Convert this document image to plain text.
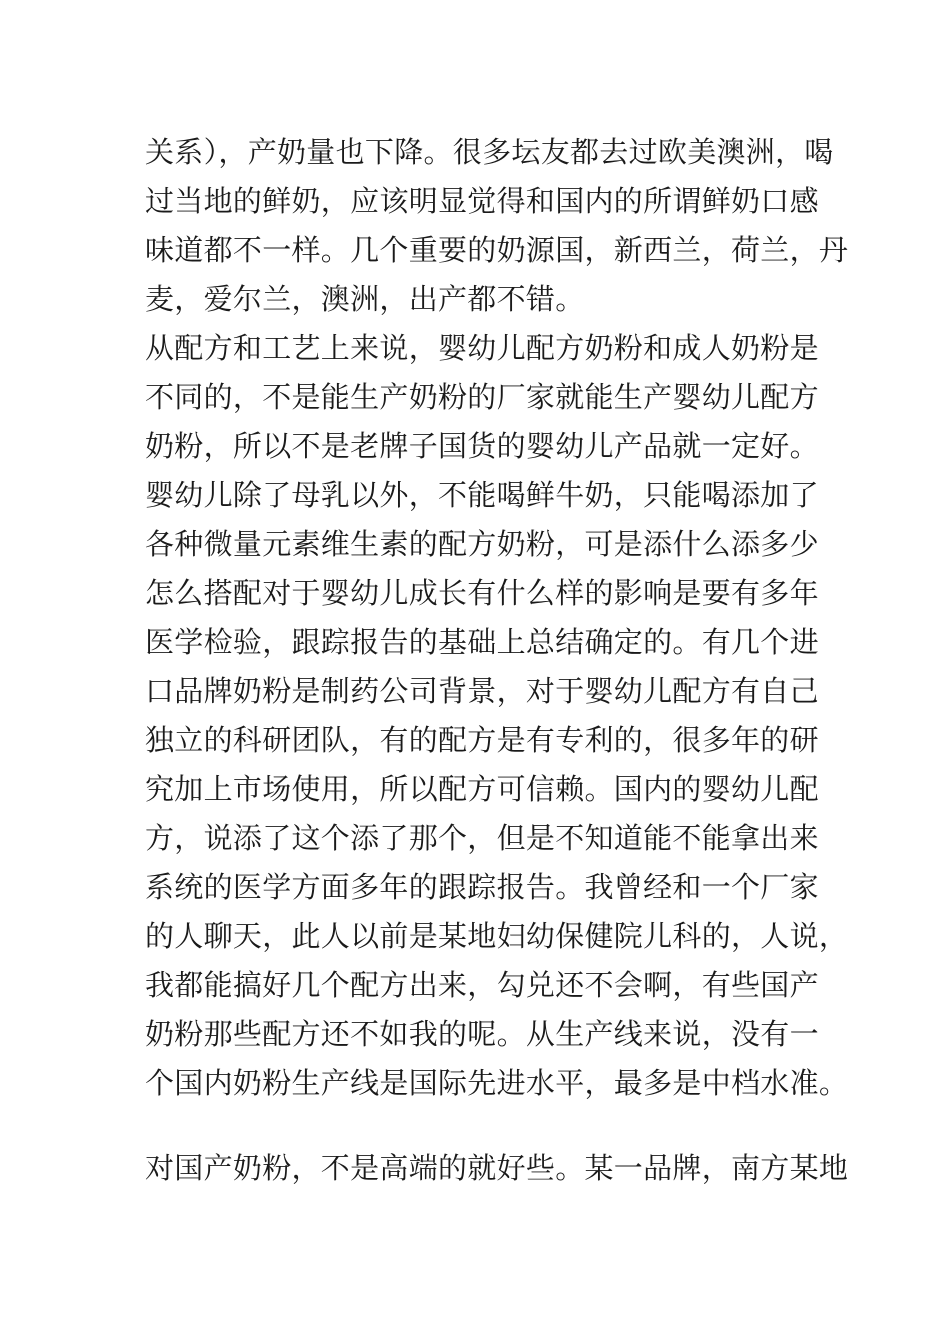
关系），产奶量也下降。很多坛友都去过欧美澳洲，喝
过当地的鲜奶，应该明显觉得和国内的所谓鲜奶口感
味道都不一样。几个重要的奶源国，新西兰，荷兰，丹
麦，爱尔兰，澳洲，出产都不错。
从配方和工艺上来说，婴幼儿配方奶粉和成人奶粉是
不同的，不是能生产奶粉的厂家就能生产婴幼儿配方
奶粉，所以不是老牌子国货的婴幼儿产品就一定好。
婴幼儿除了母乳以外，不能喝鲜牛奶，只能喝添加了
各种微量元素维生素的配方奶粉，可是添什么添多少
怎么搭配对于婴幼儿成长有什么样的影响是要有多年
医学检验，跟踪报告的基础上总结确定的。有几个进
口品牌奶粉是制药公司背景，对于婴幼儿配方有自己
独立的科研团队，有的配方是有专利的，很多年的研
究加上市场使用，所以配方可信赖。国内的婴幼儿配
方，说添了这个添了那个，但是不知道能不能拿出来
系统的医学方面多年的跟踪报告。我曾经和一个厂家
的人聊天，此人以前是某地妇幼保健院儿科的，人说，
我都能搞好几个配方出来，勾兑还不会啊，有些国产
奶粉那些配方还不如我的呢。从生产线来说，没有一
个国内奶粉生产线是国际先进水平，最多是中档水准。
对国产奶粉，不是高端的就好些。某一品牌，南方某地
